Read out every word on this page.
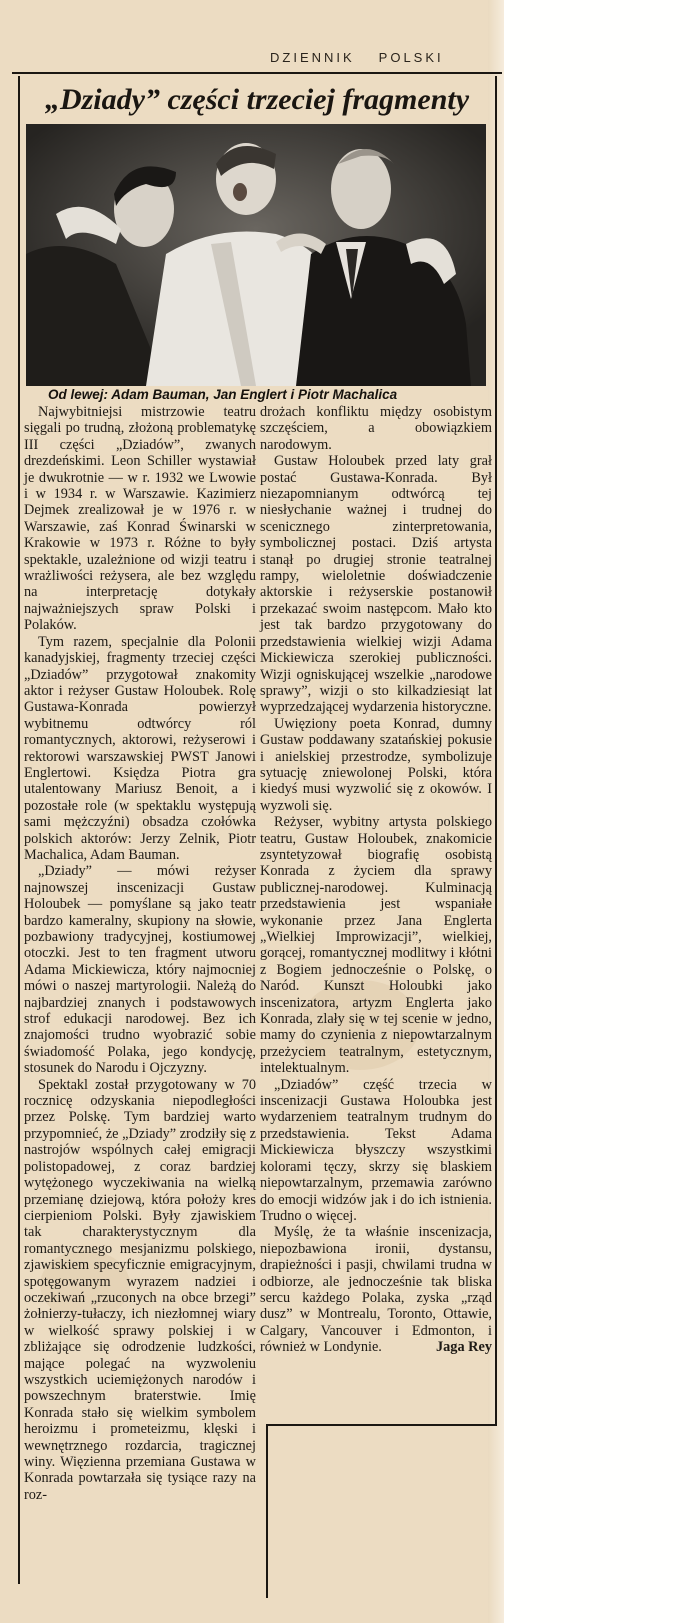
DZIENNIK POLSKI
„Dziady” części trzeciej fragmenty
Od lewej: Adam Bauman, Jan Englert i Piotr Machalica

Najwybitniejsi mistrzowie teatru sięgali po trudną, złożoną problematykę III części „Dziadów”, zwanych drezdeńskimi. Leon Schiller wystawiał je dwukrotnie — w r. 1932 we Lwowie i w 1934 r. w Warszawie. Kazimierz Dejmek zrealizował je w 1976 r. w Warszawie, zaś Konrad Świnarski w Krakowie w 1973 r. Różne to były spektakle, uzależnione od wizji teatru i wrażliwości reżysera, ale bez względu na interpretację dotykały najważniejszych spraw Polski i Polaków.

Tym razem, specjalnie dla Polonii kanadyjskiej, fragmenty trzeciej części „Dziadów” przygotował znakomity aktor i reżyser Gustaw Holoubek. Rolę Gustawa-Konrada powierzył wybitnemu odtwórcy ról romantycznych, aktorowi, reżyserowi i rektorowi warszawskiej PWST Janowi Englertowi. Księdza Piotra gra utalentowany Mariusz Benoit, a i pozostałe role (w spektaklu występują sami mężczyźni) obsadza czołówka polskich aktorów: Jerzy Zelnik, Piotr Machalica, Adam Bauman.

„Dziady” — mówi reżyser najnowszej inscenizacji Gustaw Holoubek — pomyślane są jako teatr bardzo kameralny, skupiony na słowie, pozbawiony tradycyjnej, kostiumowej otoczki. Jest to ten fragment utworu Adama Mickiewicza, który najmocniej mówi o naszej martyrologii. Należą do najbardziej znanych i podstawowych strof edukacji narodowej. Bez ich znajomości trudno wyobrazić sobie świadomość Polaka, jego kondycję, stosunek do Narodu i Ojczyzny.

Spektakl został przygotowany w 70 rocznicę odzyskania niepodległości przez Polskę. Tym bardziej warto przypomnieć, że „Dziady” zrodziły się z nastrojów wspólnych całej emigracji polistopadowej, z coraz bardziej wytężonego wyczekiwania na wielką przemianę dziejową, która położy kres cierpieniom Polski. Były zjawiskiem tak charakterystycznym dla romantycznego mesjanizmu polskiego, zjawiskiem specyficznie emigracyjnym, spotęgowanym wyrazem nadziei i oczekiwań „rzuconych na obce brzegi” żołnierzy-tułaczy, ich niezłomnej wiary w wielkość sprawy polskiej i w zbliżające się odrodzenie ludzkości, mające polegać na wyzwoleniu wszystkich uciemiężonych narodów i powszechnym braterstwie. Imię Konrada stało się wielkim symbolem heroizmu i prometeizmu, klęski i wewnętrznego rozdarcia, tragicznej winy. Więzienna przemiana Gustawa w Konrada powtarzała się tysiące razy na roz-

drożach konfliktu między osobistym szczęściem, a obowiązkiem narodowym.

Gustaw Holoubek przed laty grał postać Gustawa-Konrada. Był niezapomnianym odtwórcą tej niesłychanie ważnej i trudnej do scenicznego zinterpretowania, symbolicznej postaci. Dziś artysta stanął po drugiej stronie teatralnej rampy, wieloletnie doświadczenie aktorskie i reżyserskie postanowił przekazać swoim następcom. Mało kto jest tak bardzo przygotowany do przedstawienia wielkiej wizji Adama Mickiewicza szerokiej publiczności. Wizji ogniskującej wszelkie „narodowe sprawy”, wizji o sto kilkadziesiąt lat wyprzedzającej wydarzenia historyczne.

Uwięziony poeta Konrad, dumny Gustaw poddawany szatańskiej pokusie i anielskiej przestrodze, symbolizuje sytuację zniewolonej Polski, która kiedyś musi wyzwolić się z okowów. I wyzwoli się.

Reżyser, wybitny artysta polskiego teatru, Gustaw Holoubek, znakomicie zsyntetyzował biografię osobistą Konrada z życiem dla sprawy publicznej-narodowej. Kulminacją przedstawienia jest wspaniałe wykonanie przez Jana Englerta „Wielkiej Improwizacji”, wielkiej, gorącej, romantycznej modlitwy i kłótni z Bogiem jednocześnie o Polskę, o Naród. Kunszt Holoubki jako inscenizatora, artyzm Englerta jako Konrada, zlały się w tej scenie w jedno, mamy do czynienia z niepowtarzalnym przeżyciem teatralnym, estetycznym, intelektualnym.

„Dziadów” część trzecia w inscenizacji Gustawa Holoubka jest wydarzeniem teatralnym trudnym do przedstawienia. Tekst Adama Mickiewicza błyszczy wszystkimi kolorami tęczy, skrzy się blaskiem niepowtarzalnym, przemawia zarówno do emocji widzów jak i do ich istnienia. Trudno o więcej.

Myślę, że ta właśnie inscenizacja, niepozbawiona ironii, dystansu, drapieżności i pasji, chwilami trudna w odbiorze, ale jednocześnie tak bliska sercu każdego Polaka, zyska „rząd dusz” w Montrealu, Toronto, Ottawie, Calgary, Vancouver i Edmonton, i również w Londynie.	Jaga Rey
